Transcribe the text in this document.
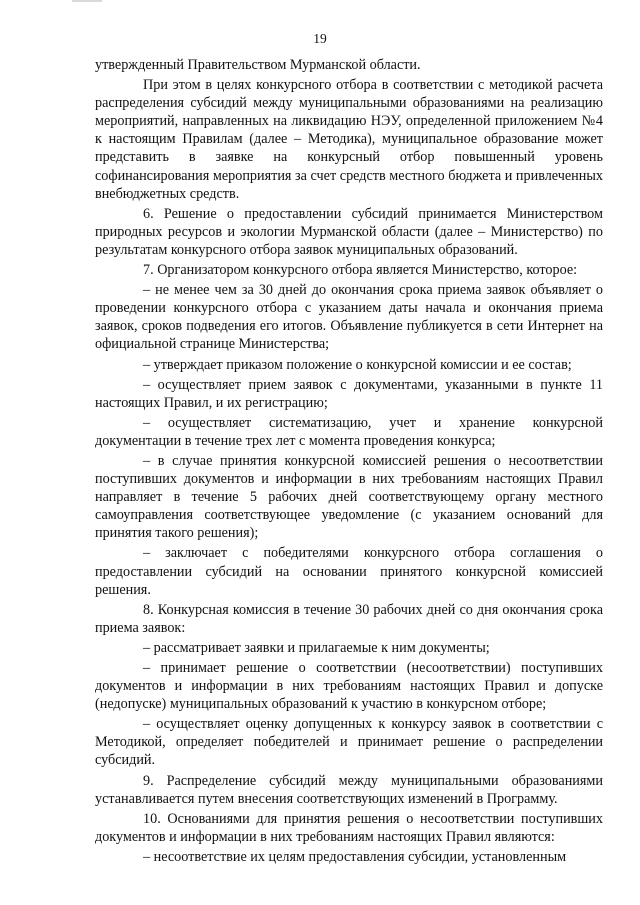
19

утвержденный Правительством Мурманской области.

При этом в целях конкурсного отбора в соответствии с методикой расчета распределения субсидий между муниципальными образованиями на реализацию мероприятий, направленных на ликвидацию НЭУ, определенной приложением №4 к настоящим Правилам (далее – Методика), муниципальное образование может представить в заявке на конкурсный отбор повышенный уровень софинансирования мероприятия за счет средств местного бюджета и привлеченных внебюджетных средств.

6. Решение о предоставлении субсидий принимается Министерством природных ресурсов и экологии Мурманской области (далее – Министерство) по результатам конкурсного отбора заявок муниципальных образований.

7. Организатором конкурсного отбора является Министерство, которое:

– не менее чем за 30 дней до окончания срока приема заявок объявляет о проведении конкурсного отбора с указанием даты начала и окончания приема заявок, сроков подведения его итогов. Объявление публикуется в сети Интернет на официальной странице Министерства;

– утверждает приказом положение о конкурсной комиссии и ее состав;

– осуществляет прием заявок с документами, указанными в пункте 11 настоящих Правил, и их регистрацию;

– осуществляет систематизацию, учет и хранение конкурсной документации в течение трех лет с момента проведения конкурса;

– в случае принятия конкурсной комиссией решения о несоответствии поступивших документов и информации в них требованиям настоящих Правил направляет в течение 5 рабочих дней соответствующему органу местного самоуправления соответствующее уведомление (с указанием оснований для принятия такого решения);

– заключает с победителями конкурсного отбора соглашения о предоставлении субсидий на основании принятого конкурсной комиссией решения.

8. Конкурсная комиссия в течение 30 рабочих дней со дня окончания срока приема заявок:

– рассматривает заявки и прилагаемые к ним документы;

– принимает решение о соответствии (несоответствии) поступивших документов и информации в них требованиям настоящих Правил и допуске (недопуске) муниципальных образований к участию в конкурсном отборе;

– осуществляет оценку допущенных к конкурсу заявок в соответствии с Методикой, определяет победителей и принимает решение о распределении субсидий.

9. Распределение субсидий между муниципальными образованиями устанавливается путем внесения соответствующих изменений в Программу.

10. Основаниями для принятия решения о несоответствии поступивших документов и информации в них требованиям настоящих Правил являются:

– несоответствие их целям предоставления субсидии, установленным
